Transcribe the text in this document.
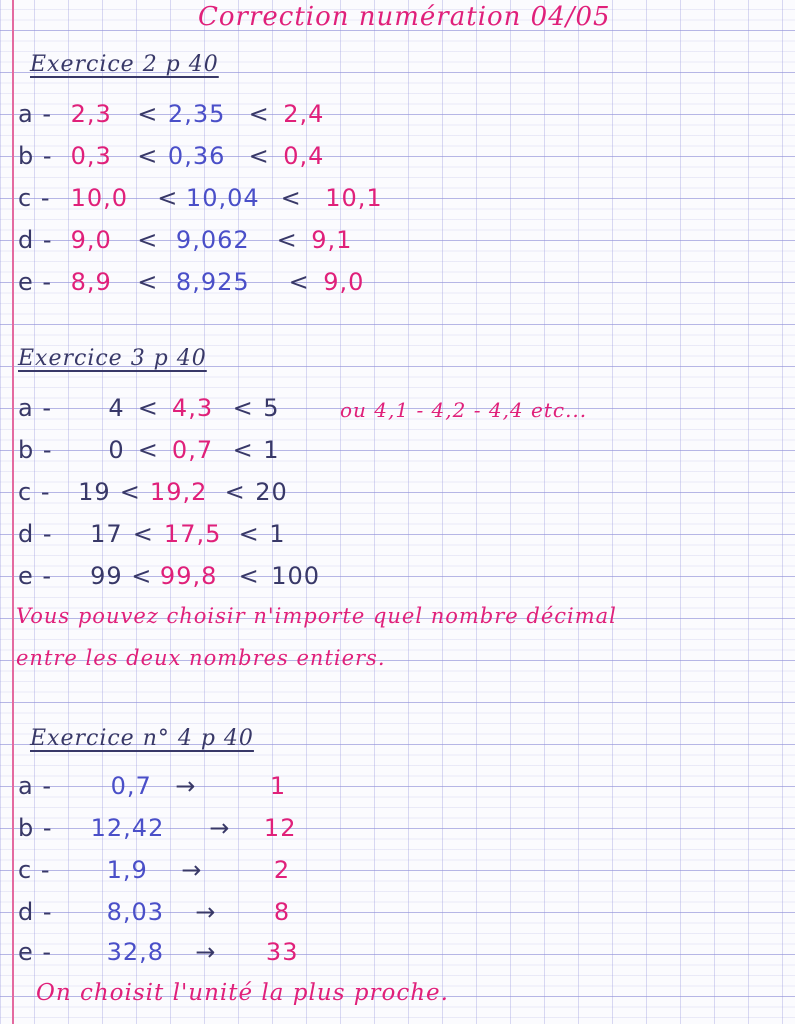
Correction numération 04/05
Exercice 2 p 40
a - 2,3 < 2,35 < 2,4
b - 0,3 < 0,36 < 0,4
c - 10,0 < 10,04 < 10,1
d - 9,0 < 9,062 < 9,1
e - 8,9 < 8,925 < 9,0
Exercice 3 p 40
a - 4 < 4,3 < 5	ou 4,1 - 4,2 - 4,4 etc...
b - 0 < 0,7 < 1
c - 19 < 19,2 < 20
d - 17 < 17,5 < 1
e - 99 < 99,8 < 100
Vous pouvez choisir n'importe quel nombre décimal
entre les deux nombres entiers.
Exercice n° 4 p 40
a - 0,7 →	1
b - 12,42 → 12
c - 1,9 →	2
d - 8,03 → 8
e - 32,8 → 33
On choisit l'unité la plus proche.
